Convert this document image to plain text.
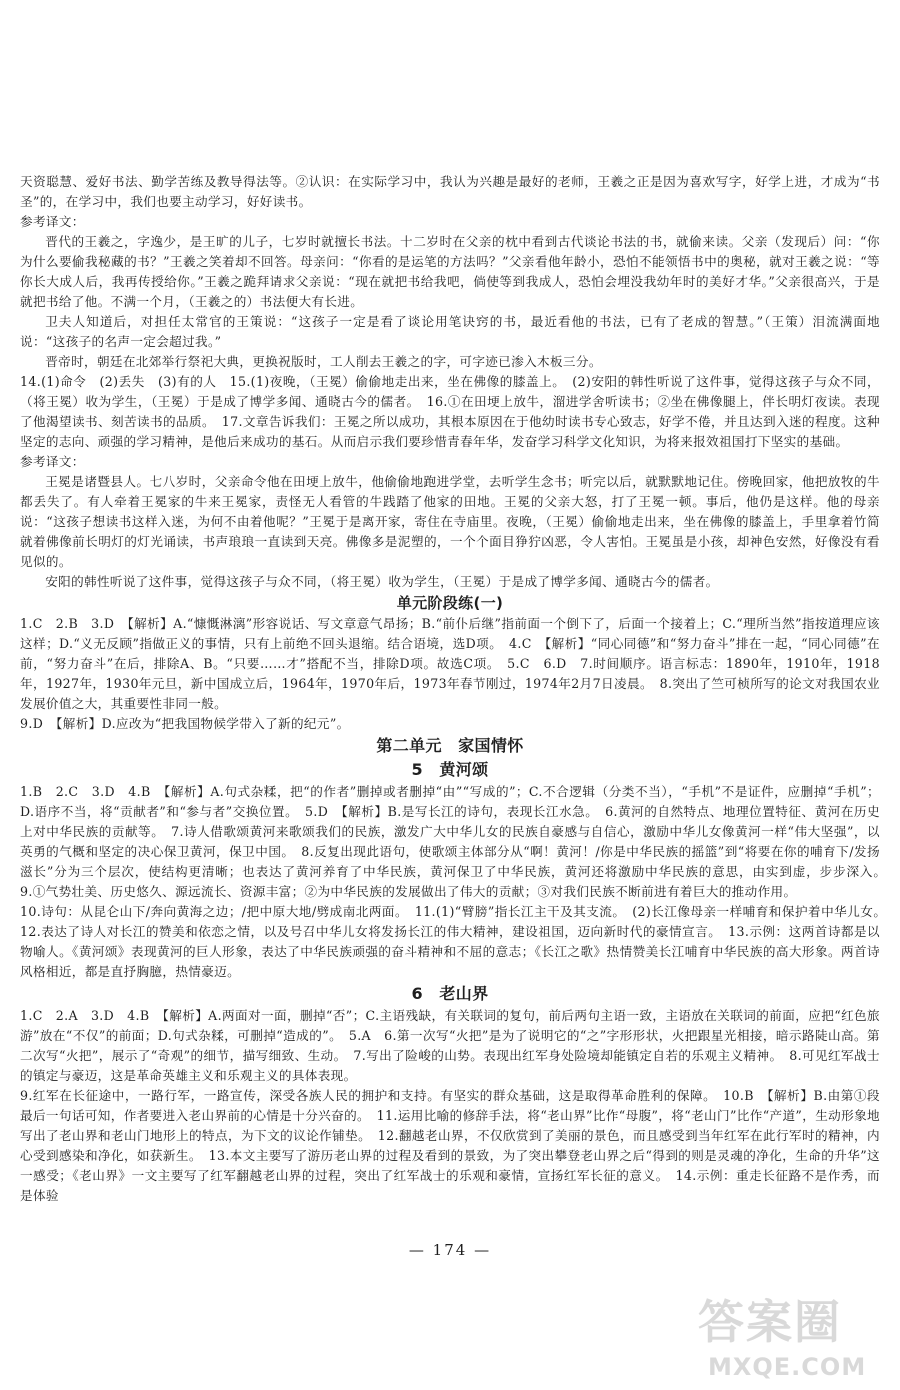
天资聪慧、爱好书法、勤学苦练及教导得法等。②认识：在实际学习中，我认为兴趣是最好的老师，王羲之正是因为喜欢写字，好学上进，才成为“书圣”的，在学习中，我们也要主动学习，好好读书。

参考译文：

晋代的王羲之，字逸少，是王旷的儿子，七岁时就擅长书法。十二岁时在父亲的枕中看到古代谈论书法的书，就偷来读。父亲（发现后）问：“你为什么要偷我秘藏的书？”王羲之笑着却不回答。母亲问：“你看的是运笔的方法吗？”父亲看他年龄小，恐怕不能领悟书中的奥秘，就对王羲之说：“等你长大成人后，我再传授给你。”王羲之跪拜请求父亲说：“现在就把书给我吧，倘使等到我成人，恐怕会埋没我幼年时的美好才华。”父亲很高兴，于是就把书给了他。不满一个月，（王羲之的）书法便大有长进。

卫夫人知道后，对担任太常官的王策说：“这孩子一定是看了谈论用笔诀窍的书，最近看他的书法，已有了老成的智慧。”（王策）泪流满面地说：“这孩子的名声一定会超过我。”

晋帝时，朝廷在北郊举行祭祀大典，更换祝版时，工人削去王羲之的字，可字迹已渗入木板三分。

14.(1)命令　(2)丢失　(3)有的人　15.(1)夜晚，（王冕）偷偷地走出来，坐在佛像的膝盖上。　(2)安阳的韩性听说了这件事，觉得这孩子与众不同，（将王冕）收为学生，（王冕）于是成了博学多闻、通晓古今的儒者。　16.①在田埂上放牛，溜进学舍听读书；②坐在佛像腿上，伴长明灯夜读。表现了他渴望读书、刻苦读书的品质。　17.文章告诉我们：王冕之所以成功，其根本原因在于他幼时读书专心致志，好学不倦，并且达到入迷的程度。这种坚定的志向、顽强的学习精神，是他后来成功的基石。从而启示我们要珍惜青春年华，发奋学习科学文化知识，为将来报效祖国打下坚实的基础。

参考译文：

王冕是诸暨县人。七八岁时，父亲命令他在田埂上放牛，他偷偷地跑进学堂，去听学生念书；听完以后，就默默地记住。傍晚回家，他把放牧的牛都丢失了。有人牵着王冕家的牛来王冕家，责怪无人看管的牛践踏了他家的田地。王冕的父亲大怒，打了王冕一顿。事后，他仍是这样。他的母亲说：“这孩子想读书这样入迷，为何不由着他呢？”王冕于是离开家，寄住在寺庙里。夜晚，（王冕）偷偷地走出来，坐在佛像的膝盖上，手里拿着竹简就着佛像前长明灯的灯光诵读，书声琅琅一直读到天亮。佛像多是泥塑的，一个个面目狰狞凶恶，令人害怕。王冕虽是小孩，却神色安然，好像没有看见似的。

安阳的韩性听说了这件事，觉得这孩子与众不同，（将王冕）收为学生，（王冕）于是成了博学多闻、通晓古今的儒者。

单元阶段练(一)

1.C　2.B　3.D　【解析】A.“慷慨淋漓”形容说话、写文章意气昂扬；B.“前仆后继”指前面一个倒下了，后面一个接着上；C.“理所当然”指按道理应该这样；D.“义无反顾”指做正义的事情，只有上前绝不回头退缩。结合语境，选D项。　4.C　【解析】“同心同德”和“努力奋斗”排在一起，“同心同德”在前，“努力奋斗”在后，排除A、B。“只要……才”搭配不当，排除D项。故选C项。　5.C　6.D　7.时间顺序。语言标志：1890年，1910年，1918年，1927年，1930年元旦，新中国成立后，1964年，1970年后，1973年春节刚过，1974年2月7日凌晨。　8.突出了竺可桢所写的论文对我国农业发展价值之大，其重要性非同一般。

9.D　【解析】D.应改为“把我国物候学带入了新的纪元”。

第二单元　家国情怀
5　黄河颂

1.B　2.C　3.D　4.B　【解析】A.句式杂糅，把“的作者”删掉或者删掉“由”“写成的”；C.不合逻辑（分类不当），“手机”不是证件，应删掉“手机”；D.语序不当，将“贡献者”和“参与者”交换位置。　5.D　【解析】B.是写长江的诗句，表现长江水急。　6.黄河的自然特点、地理位置特征、黄河在历史上对中华民族的贡献等。　7.诗人借歌颂黄河来歌颂我们的民族，激发广大中华儿女的民族自豪感与自信心，激励中华儿女像黄河一样“伟大坚强”，以英勇的气概和坚定的决心保卫黄河，保卫中国。　8.反复出现此语句，使歌颂主体部分从“啊！黄河！/你是中华民族的摇篮”到“将要在你的哺育下/发扬滋长”分为三个层次，使结构更清晰；也表达了黄河养育了中华民族，黄河保卫了中华民族，黄河还将激励中华民族的意思，由实到虚，步步深入。　9.①气势壮美、历史悠久、源远流长、资源丰富；②为中华民族的发展做出了伟大的贡献；③对我们民族不断前进有着巨大的推动作用。

10.诗句：从昆仑山下/奔向黄海之边；/把中原大地/劈成南北两面。　11.(1)“臂膀”指长江主干及其支流。　(2)长江像母亲一样哺育和保护着中华儿女。　12.表达了诗人对长江的赞美和依恋之情，以及号召中华儿女将发扬长江的伟大精神，建设祖国，迈向新时代的豪情宣言。　13.示例：这两首诗都是以物喻人。《黄河颂》表现黄河的巨人形象，表达了中华民族顽强的奋斗精神和不屈的意志；《长江之歌》热情赞美长江哺育中华民族的高大形象。两首诗风格相近，都是直抒胸臆，热情豪迈。

6　老山界

1.C　2.A　3.D　4.B　【解析】A.两面对一面，删掉“否”；C.主语残缺，有关联词的复句，前后两句主语一致，主语放在关联词的前面，应把“红色旅游”放在“不仅”的前面；D.句式杂糅，可删掉“造成的”。　5.A　6.第一次写“火把”是为了说明它的“之”字形形状，火把跟星光相接，暗示路陡山高。第二次写“火把”，展示了“奇观”的细节，描写细致、生动。　7.写出了险峻的山势。表现出红军身处险境却能镇定自若的乐观主义精神。　8.可见红军战士的镇定与豪迈，这是革命英雄主义和乐观主义的具体表现。

9.红军在长征途中，一路行军，一路宣传，深受各族人民的拥护和支持。有坚实的群众基础，这是取得革命胜利的保障。　10.B　【解析】B.由第①段最后一句话可知，作者要进入老山界前的心情是十分兴奋的。　11.运用比喻的修辞手法，将“老山界”比作“母腹”，将“老山门”比作“产道”，生动形象地写出了老山界和老山门地形上的特点，为下文的议论作铺垫。　12.翻越老山界，不仅欣赏到了美丽的景色，而且感受到当年红军在此行军时的精神，内心受到感染和净化，如获新生。　13.本文主要写了游历老山界的过程及看到的景致，为了突出攀登老山界之后“得到的则是灵魂的净化，生命的升华”这一感受；《老山界》一文主要写了红军翻越老山界的过程，突出了红军战士的乐观和豪情，宣扬红军长征的意义。　14.示例：重走长征路不是作秀，而是体验

— 174 —
答案圈
MXQE.COM
